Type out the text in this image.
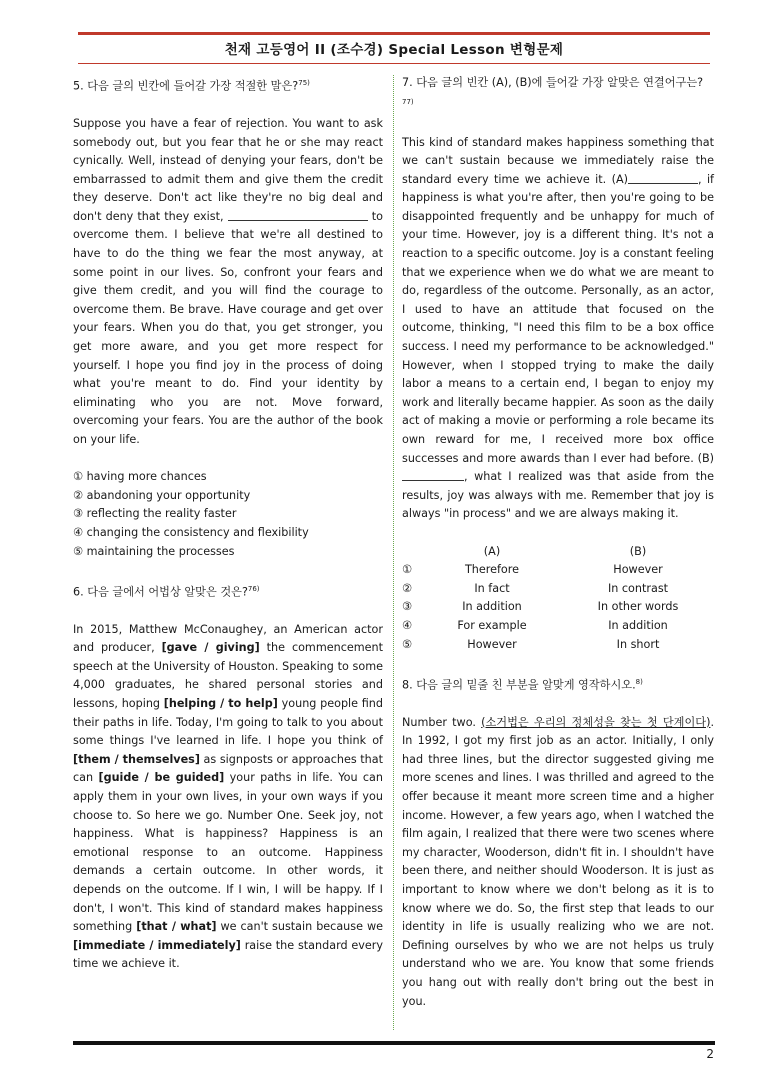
천재 고등영어 II (조수경) Special Lesson 변형문제

5. 다음 글의 빈칸에 들어갈 가장 적절한 말은?$^{75)}$

Suppose you have a fear of rejection. You want to ask somebody out, but you fear that he or she may react cynically. Well, instead of denying your fears, don't be embarrassed to admit them and give them the credit they deserve. Don't act like they're no big deal and don't deny that they exist,	to overcome them. I believe that we're all destined to have to do the thing we fear the most anyway, at some point in our lives. So, confront your fears and give them credit, and you will find the courage to overcome them. Be brave. Have courage and get over your fears. When you do that, you get stronger, you get more aware, and you get more respect for yourself. I hope you find joy in the process of doing what you're meant to do. Find your identity by eliminating who you are not. Move forward, overcoming your fears. You are the author of the book on your life.

① having more chances

② abandoning your opportunity

③ reflecting the reality faster

④ changing the consistency and flexibility

⑤ maintaining the processes

6. 다음 글에서 어법상 알맞은 것은?$^{76)}$

In 2015, Matthew McConaughey, an American actor and producer, [gave / giving] the commencement speech at the University of Houston. Speaking to some 4,000 graduates, he shared personal stories and lessons, hoping [helping / to help] young people find their paths in life. Today, I'm going to talk to you about some things I've learned in life. I hope you think of [them / themselves] as signposts or approaches that can [guide / be guided] your paths in life. You can apply them in your own lives, in your own ways if you choose to. So here we go. Number One. Seek joy, not happiness. What is happiness? Happiness is an emotional response to an outcome. Happiness demands a certain outcome. In other words, it depends on the outcome. If I win, I will be happy. If I don't, I won't. This kind of standard makes happiness something [that / what] we can't sustain because we [immediate / immediately] raise the standard every time we achieve it.

7. 다음 글의 빈칸 (A), (B)에 들어갈 가장 알맞은 연결어구는?$^{77)}$

This kind of standard makes happiness something that we can't sustain because we immediately raise the standard every time we achieve it. (A)	, if happiness is what you're after, then you're going to be disappointed frequently and be unhappy for much of your time. However, joy is a different thing. It's not a reaction to a specific outcome. Joy is a constant feeling that we experience when we do what we are meant to do, regardless of the outcome. Personally, as an actor, I used to have an attitude that focused on the outcome, thinking, "I need this film to be a box office success. I need my performance to be acknowledged." However, when I stopped trying to make the daily labor a means to a certain end, I began to enjoy my work and literally became happier. As soon as the daily act of making a movie or performing a role became its own reward for me, I received more box office successes and more awards than I ever had before. (B), what I realized was that aside from the results, joy was always with me. Remember that joy is always "in process" and we are always making it.

	(A)	(B)
①	Therefore	However
②	In fact	In contrast
③	In addition	In other words
④	For example	In addition
⑤	However	In short

8. 다음 글의 밑줄 친 부분을 알맞게 영작하시오.$^{8)}$

Number two. (소거법은 우리의 정체성을 찾는 첫 단계이다). In 1992, I got my first job as an actor. Initially, I only had three lines, but the director suggested giving me more scenes and lines. I was thrilled and agreed to the offer because it meant more screen time and a higher income. However, a few years ago, when I watched the film again, I realized that there were two scenes where my character, Wooderson, didn't fit in. I shouldn't have been there, and neither should Wooderson. It is just as important to know where we don't belong as it is to know where we do. So, the first step that leads to our identity in life is usually realizing who we are not. Defining ourselves by who we are not helps us truly understand who we are. You know that some friends you hang out with really don't bring out the best in you.

2
